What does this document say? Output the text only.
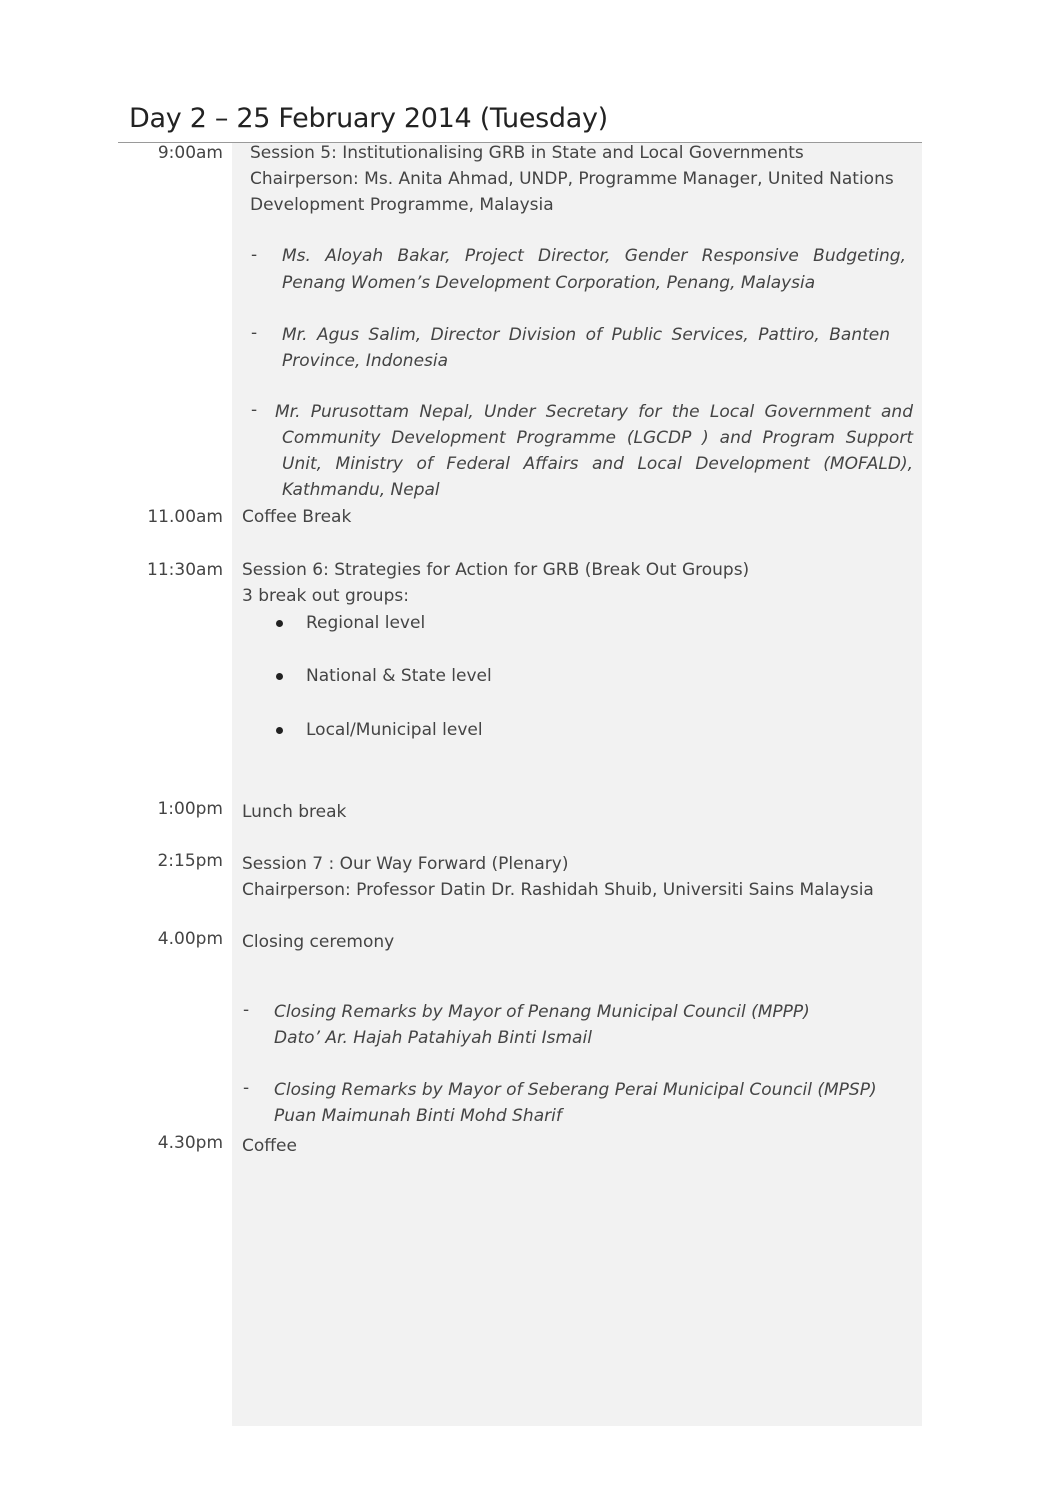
Day 2 – 25 February 2014 (Tuesday)
9:00am Session 5: Institutionalising GRB in State and Local Governments
Chairperson: Ms. Anita Ahmad, UNDP, Programme Manager, United Nations
Development Programme, Malaysia
- Ms. Aloyah Bakar, Project Director, Gender Responsive Budgeting,
Penang Women’s Development Corporation, Penang, Malaysia
- Mr. Agus Salim, Director Division of Public Services, Pattiro, Banten
Province, Indonesia
- Mr. Purusottam Nepal, Under Secretary for the Local Government and
Community Development Programme (LGCDP ) and Program Support
Unit, Ministry of Federal Affairs and Local Development (MOFALD),
Kathmandu, Nepal
11.00am Coffee Break
11:30am Session 6: Strategies for Action for GRB (Break Out Groups)
3 break out groups:
Regional level
National & State level
Local/Municipal level
1:00pm Lunch break
2:15pm Session 7 : Our Way Forward (Plenary)
Chairperson: Professor Datin Dr. Rashidah Shuib, Universiti Sains Malaysia
4.00pm Closing ceremony
- Closing Remarks by Mayor of Penang Municipal Council (MPPP)
Dato’ Ar. Hajah Patahiyah Binti Ismail
- Closing Remarks by Mayor of Seberang Perai Municipal Council (MPSP)
Puan Maimunah Binti Mohd Sharif
4.30pm Coffee
